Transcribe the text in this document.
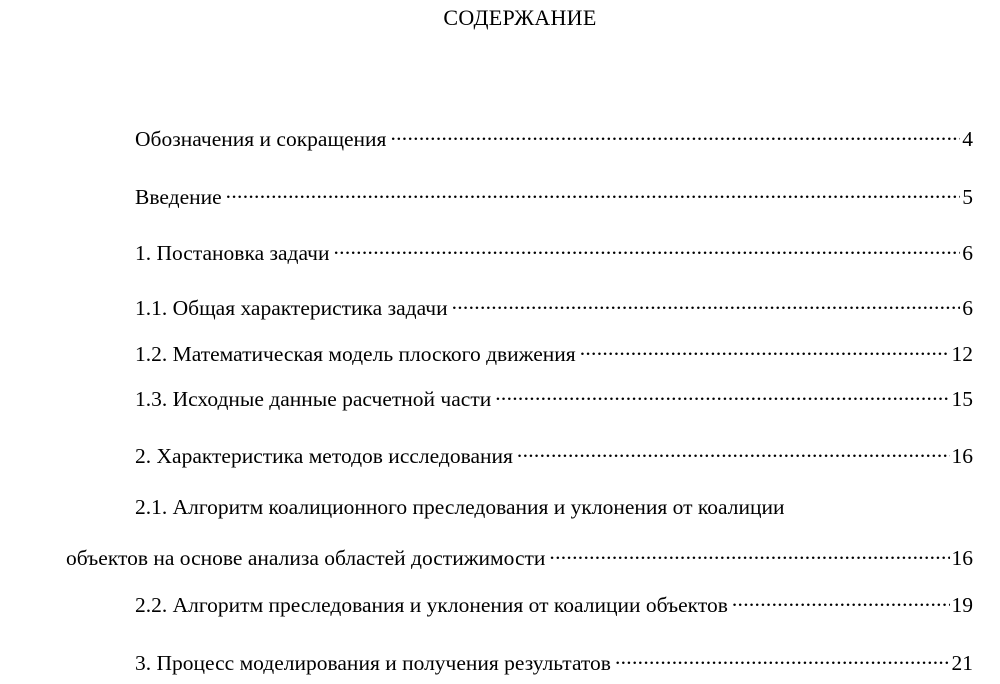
СОДЕРЖАНИЕ
Обозначения и сокращения .....	4
Введение .....	5
1. Постановка задачи .....	6
1.1. Общая характеристика задачи .....	6
1.2. Математическая модель плоского движения .....	12
1.3. Исходные данные расчетной части .....	15
2. Характеристика методов исследования .....	16
2.1. Алгоритм коалиционного преследования и уклонения от коалиции
объектов на основе анализа областей достижимости .....	16
2.2. Алгоритм преследования и уклонения от коалиции объектов .....	19
3. Процесс моделирования и получения результатов .....	21
